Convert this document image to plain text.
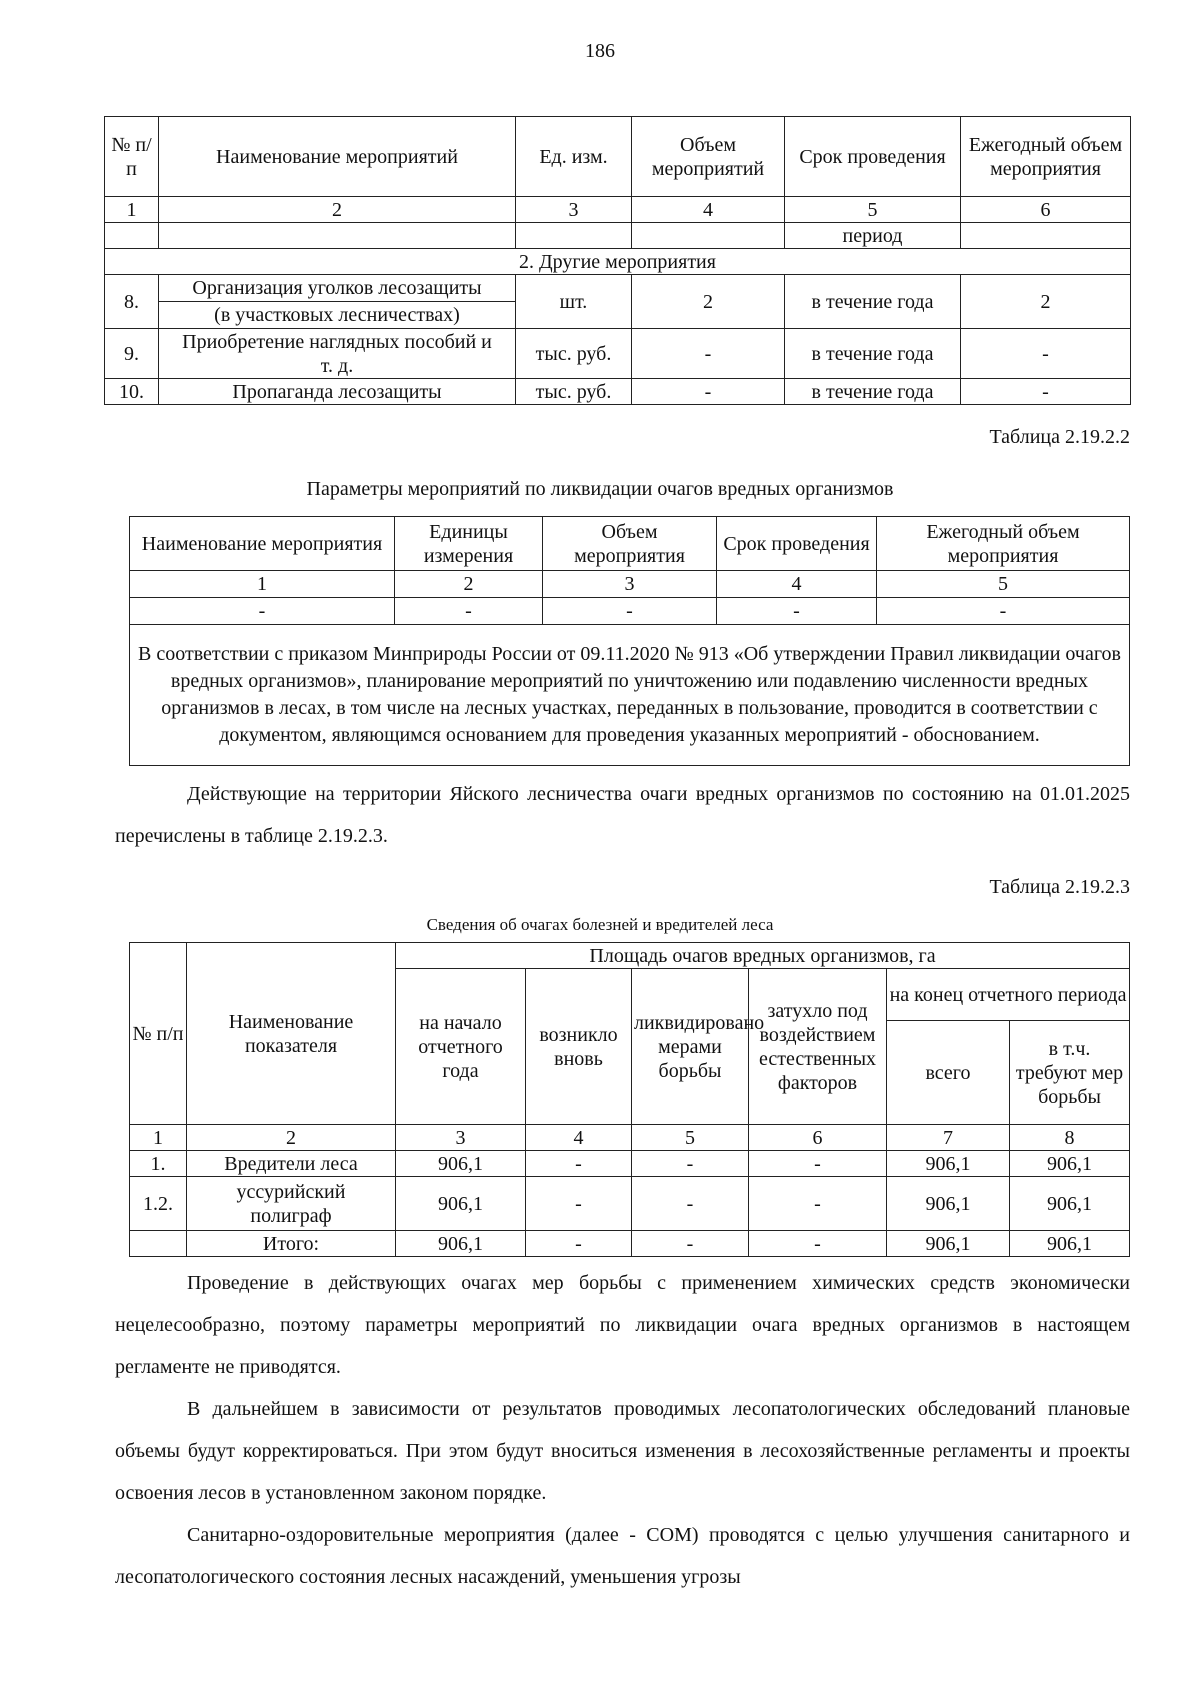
186
№ п/п	Наименование мероприятий	Ед. изм.	Объем мероприятий	Срок проведения	Ежегодный объем мероприятия
1	2	3	4	5	6
				период	
2. Другие мероприятия					
8.	Организация уголков лесозащиты	шт.	2	в течение года	2
	(в участковых лесничествах)				
9.	Приобретение наглядных пособий и т. д.	тыс. руб.	-	в течение года	-
10.	Пропаганда лесозащиты	тыс. руб.	-	в течение года	-
Таблица 2.19.2.2
Параметры мероприятий по ликвидации очагов вредных организмов
Наименование мероприятия	Единицы измерения	Объем мероприятия	Срок проведения	Ежегодный объем мероприятия
1	2	3	4	5
-	-	-	-	-
В соответствии с приказом Минприроды России от 09.11.2020 № 913 «Об утверждении Правил ликвидации очагов вредных организмов», планирование мероприятий по уничтожению или подавлению численности вредных организмов в лесах, в том числе на лесных участках, переданных в пользование, проводится в соответствии с документом, являющимся основанием для проведения указанных мероприятий - обоснованием.				
Действующие на территории Яйского лесничества очаги вредных организмов по состоянию на 01.01.2025 перечислены в таблице 2.19.2.3.
Таблица 2.19.2.3
Сведения об очагах болезней и вредителей леса
№ п/п	Наименование показателя	Площадь очагов вредных организмов, га					
		на начало отчетного года	возникло вновь	ликвидировано мерами борьбы	затухло под воздействием естественных факторов	на конец отчетного периода	
						всего	в т.ч. требуют мер борьбы

1	2	3	4	5	6	7	8
1.	Вредители леса	906,1	-	-	-	906,1	906,1
1.2.	уссурийский полиграф	906,1	-	-	-	906,1	906,1
	Итого:	906,1	-	-	-	906,1	906,1
Проведение в действующих очагах мер борьбы с применением химических средств экономически нецелесообразно, поэтому параметры мероприятий по ликвидации очага вредных организмов в настоящем регламенте не приводятся.
В дальнейшем в зависимости от результатов проводимых лесопатологических обследований плановые объемы будут корректироваться. При этом будут вноситься изменения в лесохозяйственные регламенты и проекты освоения лесов в установленном законом порядке.
Санитарно-оздоровительные мероприятия (далее - СОМ) проводятся с целью улучшения санитарного и лесопатологического состояния лесных насаждений, уменьшения угрозы
